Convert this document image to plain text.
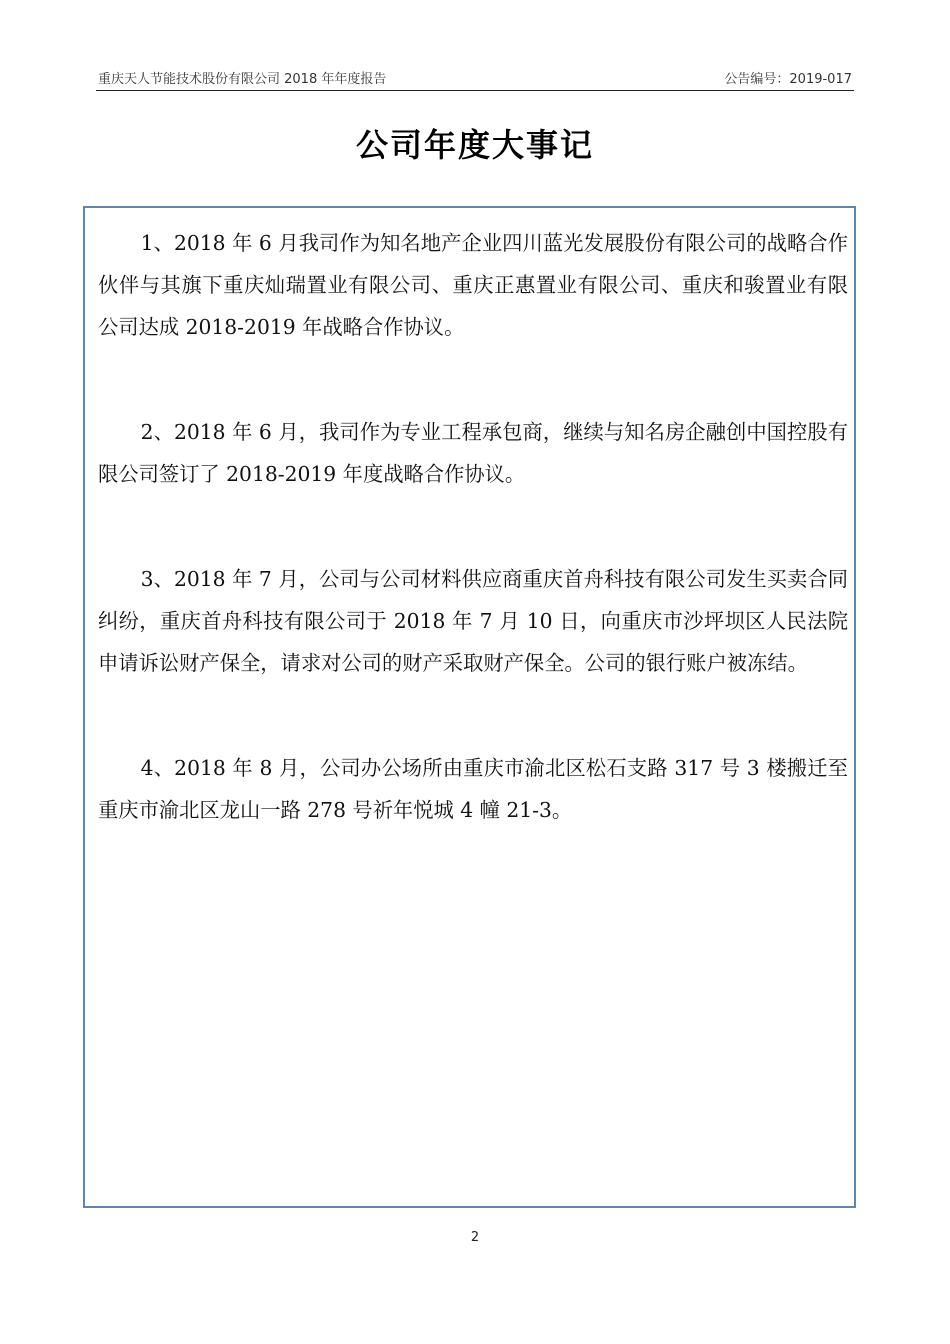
重庆天人节能技术股份有限公司 2018 年年度报告	公告编号：2019-017
公司年度大事记

1、2018 年 6 月我司作为知名地产企业四川蓝光发展股份有限公司的战略合作伙伴与其旗下重庆灿瑞置业有限公司、重庆正惠置业有限公司、重庆和骏置业有限公司达成 2018-2019 年战略合作协议。

2、2018 年 6 月，我司作为专业工程承包商，继续与知名房企融创中国控股有限公司签订了 2018-2019 年度战略合作协议。

3、2018 年 7 月，公司与公司材料供应商重庆首舟科技有限公司发生买卖合同纠纷，重庆首舟科技有限公司于 2018 年 7 月 10 日，向重庆市沙坪坝区人民法院申请诉讼财产保全，请求对公司的财产采取财产保全。公司的银行账户被冻结。

4、2018 年 8 月，公司办公场所由重庆市渝北区松石支路 317 号 3 楼搬迁至重庆市渝北区龙山一路 278 号祈年悦城 4 幢 21-3。

2
